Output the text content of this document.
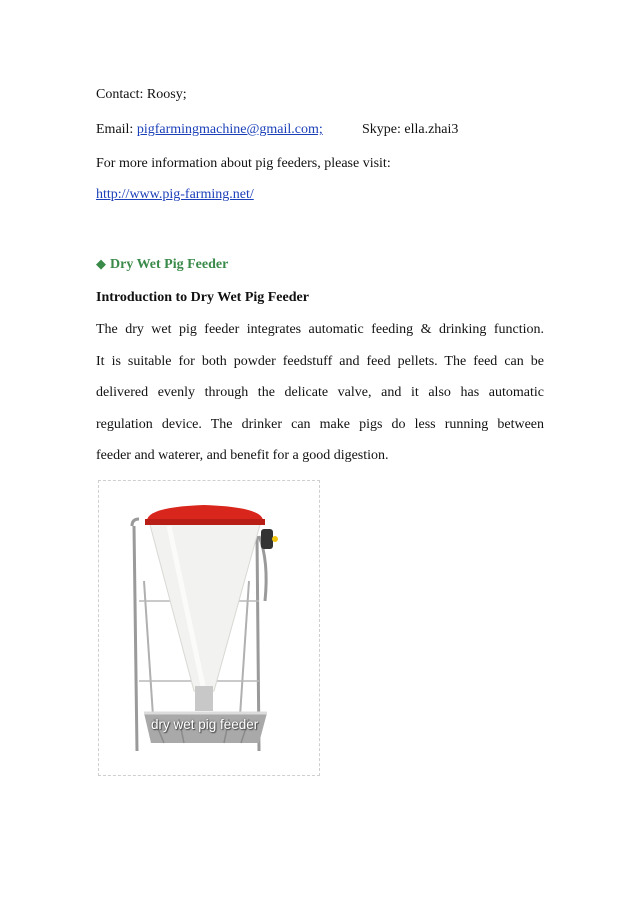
Contact: Roosy;
Email: pigfarmingmachine@gmail.com;	Skype: ella.zhai3
For more information about pig feeders, please visit:
http://www.pig-farming.net/
◆ Dry Wet Pig Feeder
Introduction to Dry Wet Pig Feeder

The dry wet pig feeder integrates automatic feeding & drinking function.

It is suitable for both powder feedstuff and feed pellets. The feed can be

delivered evenly through the delicate valve, and it also has automatic

regulation device. The drinker can make pigs do less running between

feeder and waterer, and benefit for a good digestion.

dry wet pig feeder
